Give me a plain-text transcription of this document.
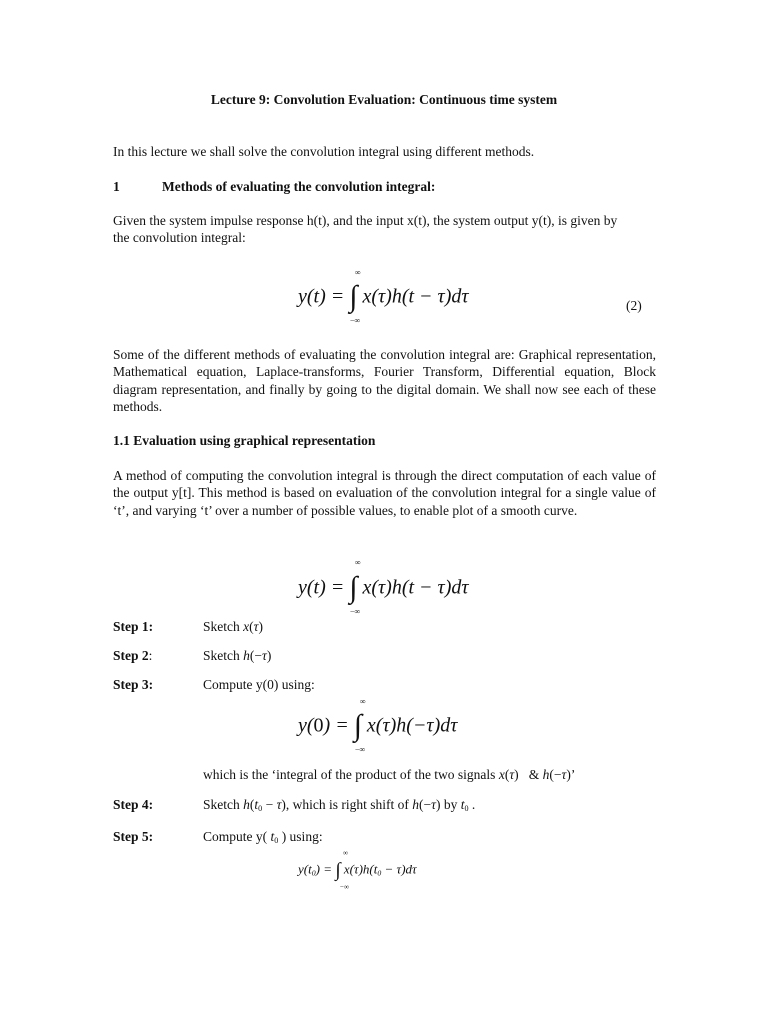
Lecture 9: Convolution Evaluation: Continuous time system
In this lecture we shall solve the convolution integral using different methods.
1	Methods of evaluating the convolution integral:
Given the system impulse response h(t), and the input x(t), the system output y(t), is given by the convolution integral:
y(t) = ∫ x(τ)h(t − τ)dτ
∞
−∞
(2)
Some of the different methods of evaluating the convolution integral are: Graphical representation, Mathematical equation, Laplace-transforms, Fourier Transform, Differential equation, Block diagram representation, and finally by going to the digital domain. We shall now see each of these methods.
1.1 Evaluation using graphical representation
A method of computing the convolution integral is through the direct computation of each value of the output y[t]. This method is based on evaluation of the convolution integral for a single value of ‘t’, and varying ‘t’ over a number of possible values, to enable plot of a smooth curve.
y(t) = ∫ x(τ)h(t − τ)dτ
∞
−∞
Step 1:	Sketch x(τ)
Step 2:	Sketch h(−τ)
Step 3:	Compute y(0) using:
y(0) = ∫ x(τ)h(−τ)dτ
∞
−∞
which is the ‘integral of the product of the two signals x(τ)   & h(−τ)’
Step 4:	Sketch $h(t_0 - \tau)$, which is right shift of h(−τ) by $t_0$ .
Step 5:	Compute y( $t_0$ ) using:
$y(t_0)$ = ∫ $x(\tau)h(t_0 - \tau)d\tau$
∞
−∞
